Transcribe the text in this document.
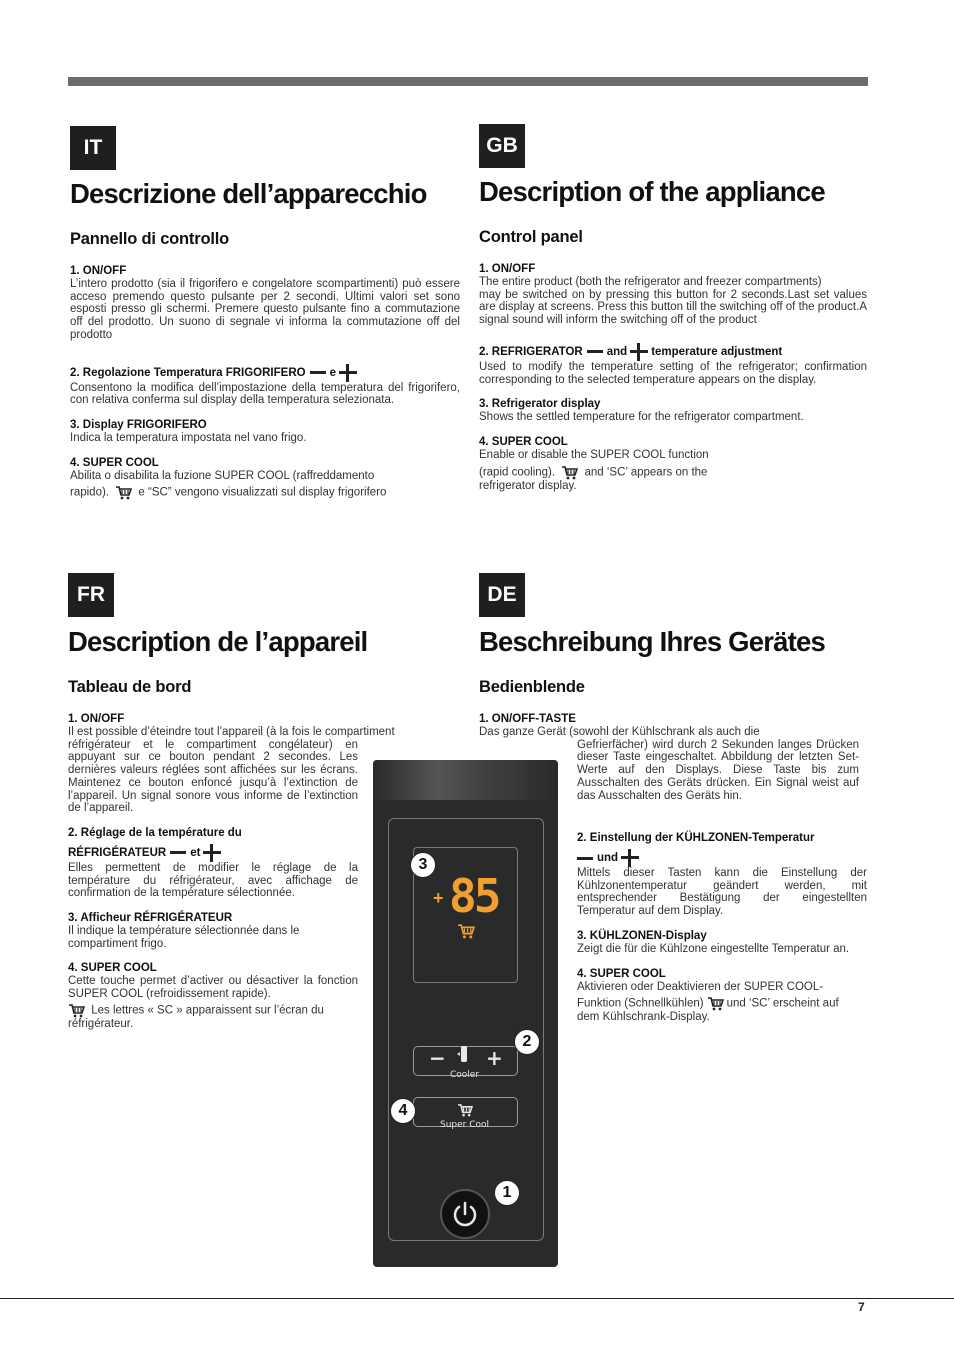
IT
Descrizione dell’apparecchio
Pannello di controllo
1. ON/OFF
L’intero prodotto (sia il frigorifero e congelatore scompartimenti) può essere acceso premendo questo pulsante per 2 secondi. Ultimi valori set sono esposti presso gli schermi. Premere questo pulsante fino a commutazione off del prodotto. Un suono di segnale vi informa la commutazione off del prodotto
2. Regolazione Temperatura FRIGORIFERO e
Consentono la modifica dell’impostazione della temperatura del frigorifero, con relativa conferma sul display della temperatura selezionata.
3. Display FRIGORIFERO
Indica la temperatura impostata nel vano frigo.
4. SUPER COOL
Abilita o disabilita la fuzione SUPER COOL (raffreddamento
rapido).	e “SC” vengono visualizzati sul display frigorifero
GB
Description of the appliance
Control panel
1. ON/OFF
The entire product (both the refrigerator and freezer compartments)
may be switched on by pressing this button for 2 seconds.Last set values are display at screens. Press this button till the switching off of the product.A signal sound will inform the switching off of the product
2. REFRIGERATOR and temperature adjustment
Used to modify the temperature setting of the refrigerator; confirmation corresponding to the selected temperature appears on the display.
3. Refrigerator display
Shows the settled temperature for the refrigerator compartment.
4. SUPER COOL
Enable or disable the SUPER COOL function
(rapid cooling).	and ‘SC’ appears on the
refrigerator display.
FR
Description de l’appareil
Tableau de bord
1. ON/OFF
Il est possible d’éteindre tout l’appareil (à la fois le compartiment
réfrigérateur et le compartiment congélateur) en appuyant sur ce bouton pendant 2 secondes. Les dernières valeurs réglées sont affichées sur les écrans. Maintenez ce bouton enfoncé jusqu’à l’extinction de l’appareil. Un signal sonore vous informe de l’extinction de l’appareil.
2. Réglage de la température du
RÉFRIGÉRATEUR et
Elles permettent de modifier le réglage de la température du réfrigérateur, avec affichage de confirmation de la température sélectionnée.
3. Afficheur RÉFRIGÉRATEUR
Il indique la température sélectionnée dans le compartiment frigo.
4. SUPER COOL
Cette touche permet d’activer ou désactiver la fonction SUPER COOL (refroidissement rapide).
Les lettres « SC » apparaissent sur l’écran du réfrigérateur.
DE
Beschreibung Ihres Gerätes
Bedienblende
1. ON/OFF-TASTE
Das ganze Gerät (sowohl der Kühlschrank als auch die
Gefrierfächer) wird durch 2 Sekunden langes Drücken dieser Taste eingeschaltet. Abbildung der letzten Set-Werte auf den Displays. Diese Taste bis zum Ausschalten des Geräts drücken. Ein Signal weist auf das Ausschalten des Geräts hin.
2. Einstellung der KÜHLZONEN-Temperatur
und
Mittels dieser Tasten kann die Einstellung der Kühlzonentemperatur geändert werden, mit entsprechender Bestätigung der eingestellten Temperatur auf dem Display.
3. KÜHLZONEN-Display
Zeigt die für die Kühlzone eingestellte Temperatur an.
4. SUPER COOL
Aktivieren oder Deaktivieren der SUPER COOL-
Funktion (Schnellkühlen) und ‘SC’ erscheint auf
dem Kühlschrank-Display.
+ 85
− +
Cooler
Super Cool
3
2
4
1
7
